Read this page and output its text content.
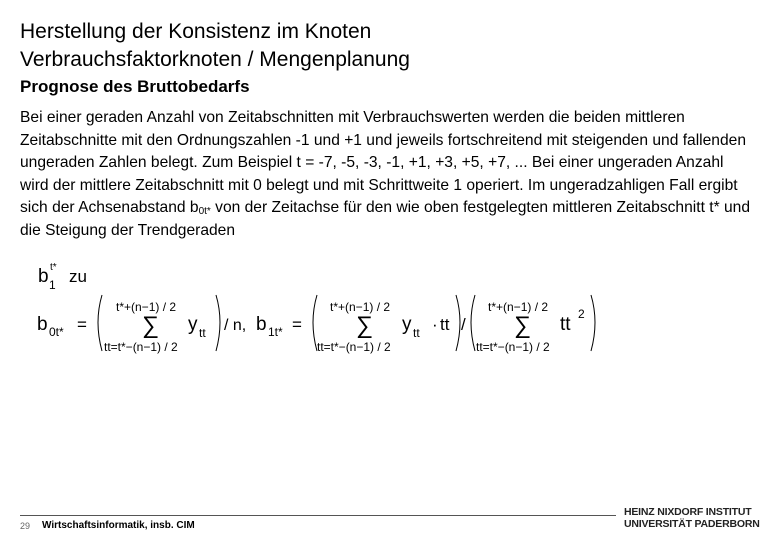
Herstellung der Konsistenz im Knoten
Verbrauchsfaktorknoten / Mengenplanung
Prognose des Bruttobedarfs
Bei einer geraden Anzahl von Zeitabschnitten mit Verbrauchswerten werden die beiden mittleren Zeitabschnitte mit den Ordnungszahlen -1 und +1 und jeweils fortschreitend mit steigenden und fallenden ungeraden Zahlen belegt. Zum Beispiel t = -7, -5, -3, -1, +1, +3, +5, +7, ... Bei einer ungeraden Anzahl wird der mittlere Zeitabschnitt mit 0 belegt und mit Schrittweite 1 operiert. Im ungeradzahligen Fall ergibt sich der Achsenabstand $b_{0t*}$ von der Zeitachse für den wie oben festgelegten mittleren Zeitabschnitt t* und die Steigung der Trendgeraden
b 1
t* zu
b 0t* =
t*+(n−1) / 2
∑
tt=t*−(n−1) / 2
y tt / n, b 1t* =
t*+(n−1) / 2
∑
tt=t*−(n−1) / 2
y tt · tt /
t*+(n−1) / 2
∑
tt=t*−(n−1) / 2
tt 2
29 Wirtschaftsinformatik, insb. CIM
HEINZ NIXDORF INSTITUT
UNIVERSITÄT PADERBORN
